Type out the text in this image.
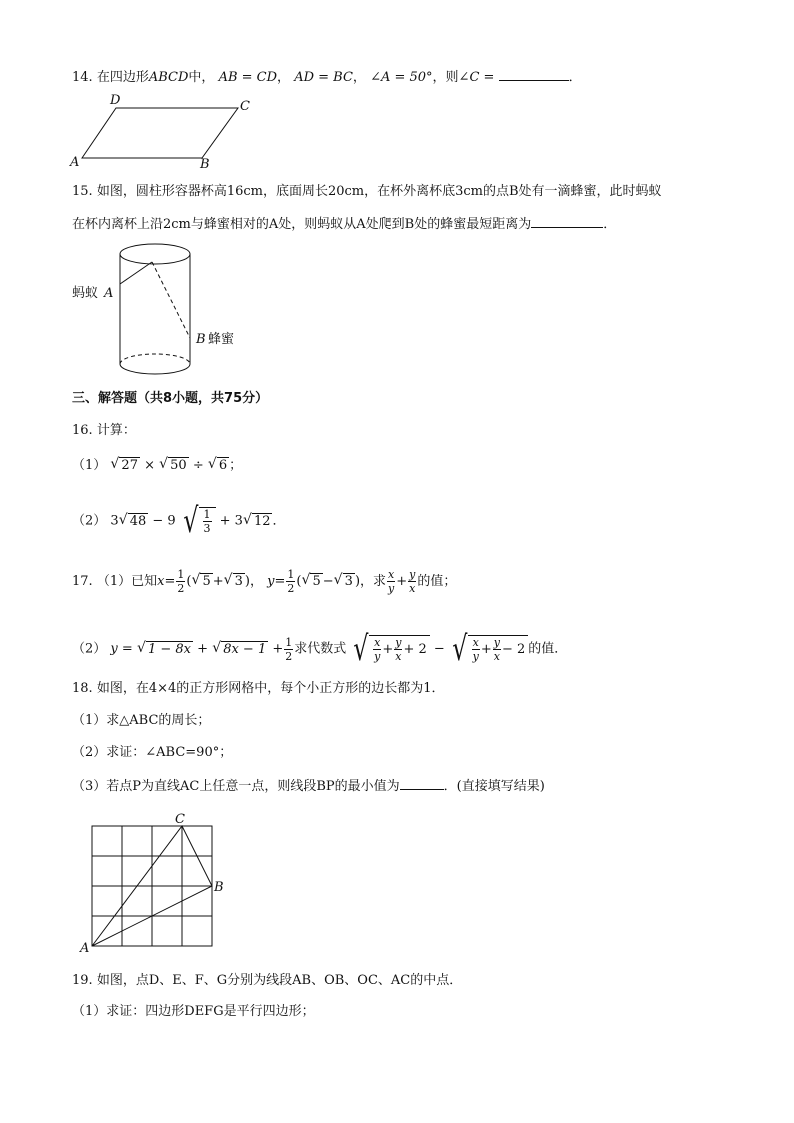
14. 在四边形ABCD中， AB = CD， AD = BC， ∠A = 50°，则∠C =	．
A	B
C
D
15. 如图，圆柱形容器杯高16cm，底面周长20cm，在杯外离杯底3cm的点B处有一滴蜂蜜，此时蚂蚁
在杯内离杯上沿2cm与蜂蜜相对的A处，则蚂蚁从A处爬到B处的蜂蜜最短距离为	．
蚂蚁 A
B 蜂蜜
三、解答题（共8小题，共75分）
16. 计算：
（1） √ 27 × √ 50 ÷ √ 6 ；
（2） 3√ 48 − 9 √ $\frac{1}{3} + 3√$ 12 ．
17. （1）已知$x= \frac{1}{2}$ (√ 5 +√ 3 )， $y= \frac{1}{2}$ (√ 5 −√ 3 )，求 $\frac{x}{y} + \frac{y}{x}$ 的值；
（2） y = √ 1 − 8x + √ $8x - 1 + \frac{1}{2}$ 求代数式 √ $\frac{x}{y} + \frac{y}{x} + 2$ − √ $\frac{x}{y} + \frac{y}{x} - 2$ 的值．
18. 如图，在4×4的正方形网格中，每个小正方形的边长都为1．
（1）求△ABC的周长；
（2）求证：∠ABC=90°；
（3）若点P为直线AC上任意一点，则线段BP的最小值为	．(直接填写结果)
A
B
C
19. 如图，点D、E、F、G分别为线段AB、OB、OC、AC的中点．
（1）求证：四边形DEFG是平行四边形；
